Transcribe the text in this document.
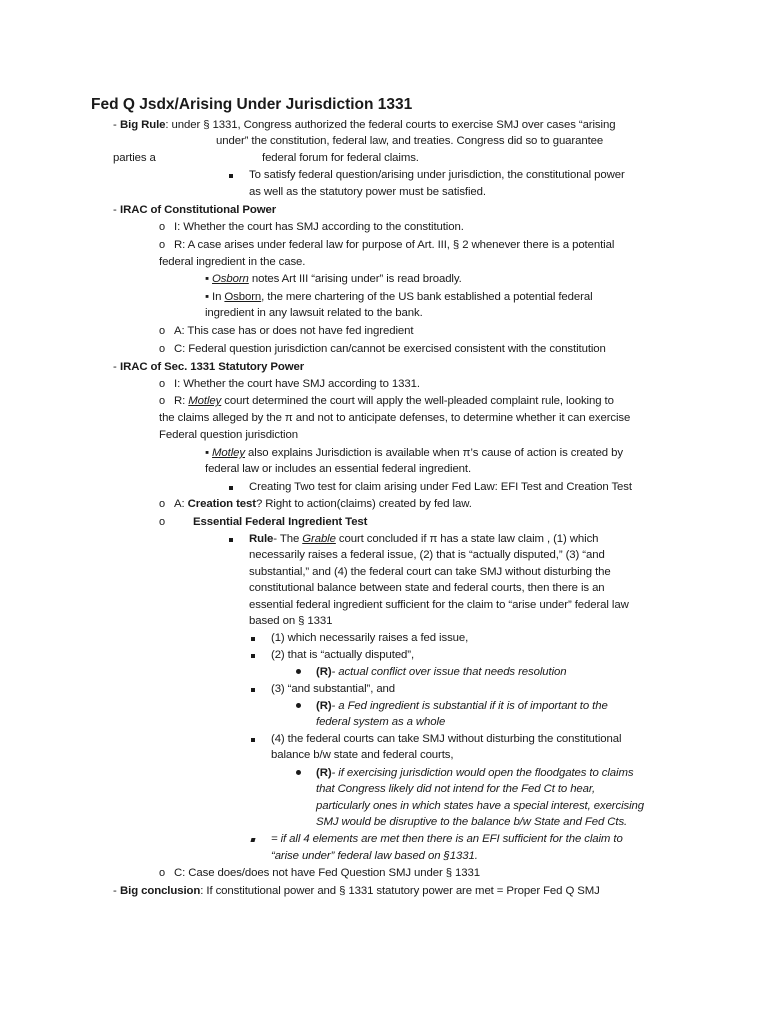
Fed Q Jsdx/Arising Under Jurisdiction 1331
- Big Rule: under § 1331, Congress authorized the federal courts to exercise SMJ over cases “arising
under” the constitution, federal law, and treaties. Congress did so to guarantee
parties a	federal forum for federal claims.
To satisfy federal question/arising under jurisdiction, the constitutional power
as well as the statutory power must be satisfied.
- IRAC of Constitutional Power
o I: Whether the court has SMJ according to the constitution.
o R: A case arises under federal law for purpose of Art. III, § 2 whenever there is a potential
federal ingredient in the case.
▪ Osborn notes Art III “arising under” is read broadly.
▪ In Osborn, the mere chartering of the US bank established a potential federal
ingredient in any lawsuit related to the bank.
o A: This case has or does not have fed ingredient
o C: Federal question jurisdiction can/cannot be exercised consistent with the constitution
- IRAC of Sec. 1331 Statutory Power
o I: Whether the court have SMJ according to 1331.
o R: Motley court determined the court will apply the well-pleaded complaint rule, looking to
the claims alleged by the π and not to anticipate defenses, to determine whether it can exercise
Federal question jurisdiction
▪ Motley also explains Jurisdiction is available when π’s cause of action is created by
federal law or includes an essential federal ingredient.
Creating Two test for claim arising under Fed Law: EFI Test and Creation Test
o A: Creation test? Right to action(claims) created by fed law.
o Essential Federal Ingredient Test
Rule- The Grable court concluded if π has a state law claim , (1) which
necessarily raises a federal issue, (2) that is “actually disputed,” (3) “and
substantial,” and (4) the federal court can take SMJ without disturbing the
constitutional balance between state and federal courts, then there is an
essential federal ingredient sufficient for the claim to “arise under” federal law
based on § 1331
(1) which necessarily raises a fed issue,
(2) that is “actually disputed”,
(R)- actual conflict over issue that needs resolution
(3) “and substantial”, and
(R)- a Fed ingredient is substantial if it is of important to the
federal system as a whole
(4) the federal courts can take SMJ without disturbing the constitutional
balance b/w state and federal courts,
(R)- if exercising jurisdiction would open the floodgates to claims
that Congress likely did not intend for the Fed Ct to hear,
particularly ones in which states have a special interest, exercising
SMJ would be disruptive to the balance b/w State and Fed Cts.
= if all 4 elements are met then there is an EFI sufficient for the claim to
“arise under” federal law based on §1331.
o C: Case does/does not have Fed Question SMJ under § 1331
- Big conclusion: If constitutional power and § 1331 statutory power are met = Proper Fed Q SMJ
